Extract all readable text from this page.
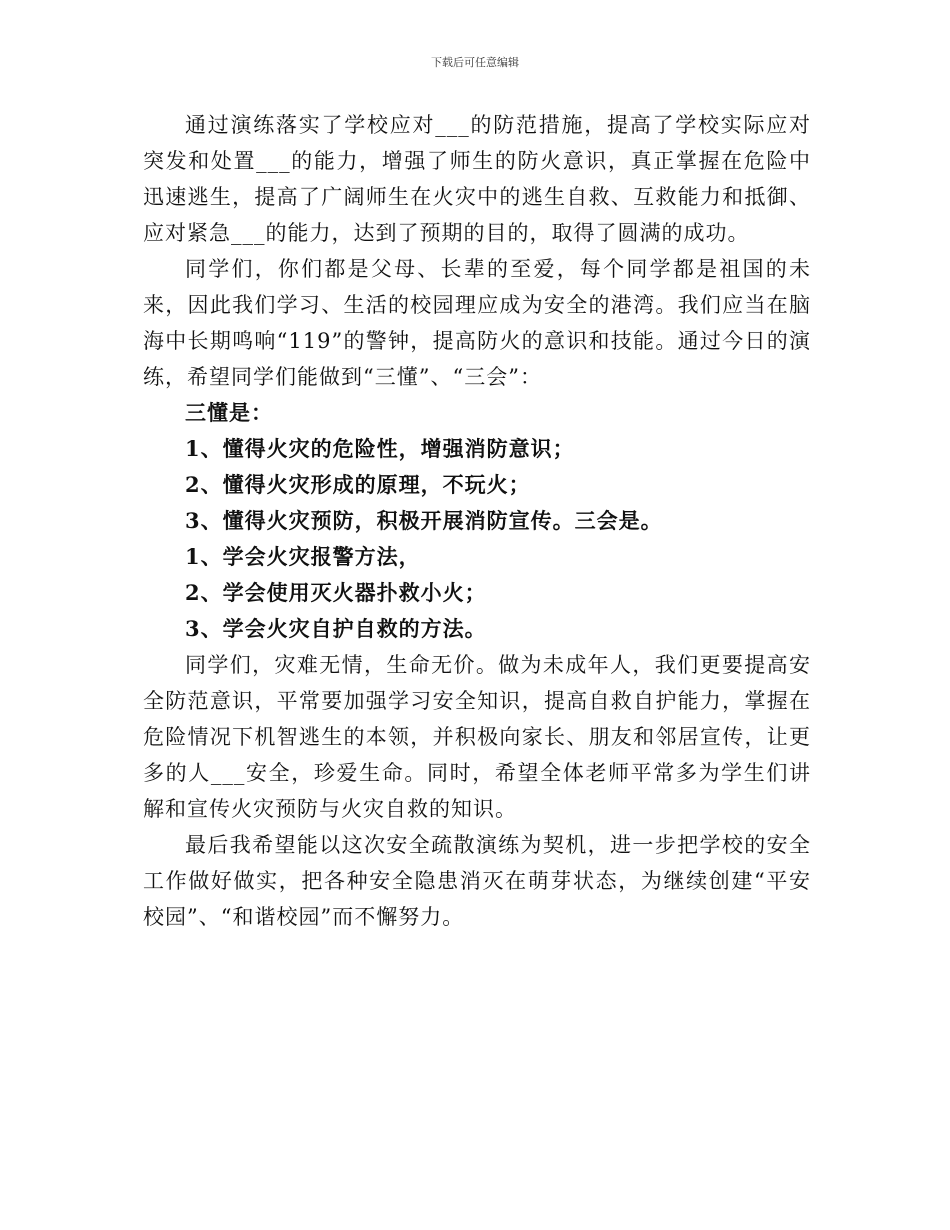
下载后可任意编辑

通过演练落实了学校应对___的防范措施，提高了学校实际应对突发和处置___的能力，增强了师生的防火意识，真正掌握在危险中迅速逃生，提高了广阔师生在火灾中的逃生自救、互救能力和抵御、应对紧急___的能力，达到了预期的目的，取得了圆满的成功。

同学们，你们都是父母、长辈的至爱，每个同学都是祖国的未来，因此我们学习、生活的校园理应成为安全的港湾。我们应当在脑海中长期鸣响“119”的警钟，提高防火的意识和技能。通过今日的演练，希望同学们能做到“三懂”、“三会”：

三懂是：

1、懂得火灾的危险性，增强消防意识；

2、懂得火灾形成的原理，不玩火；

3、懂得火灾预防，积极开展消防宣传。三会是。

1、学会火灾报警方法，

2、学会使用灭火器扑救小火；

3、学会火灾自护自救的方法。

同学们，灾难无情，生命无价。做为未成年人，我们更要提高安全防范意识，平常要加强学习安全知识，提高自救自护能力，掌握在危险情况下机智逃生的本领，并积极向家长、朋友和邻居宣传，让更多的人___安全，珍爱生命。同时，希望全体老师平常多为学生们讲解和宣传火灾预防与火灾自救的知识。

最后我希望能以这次安全疏散演练为契机，进一步把学校的安全工作做好做实，把各种安全隐患消灭在萌芽状态，为继续创建“平安校园”、“和谐校园”而不懈努力。
